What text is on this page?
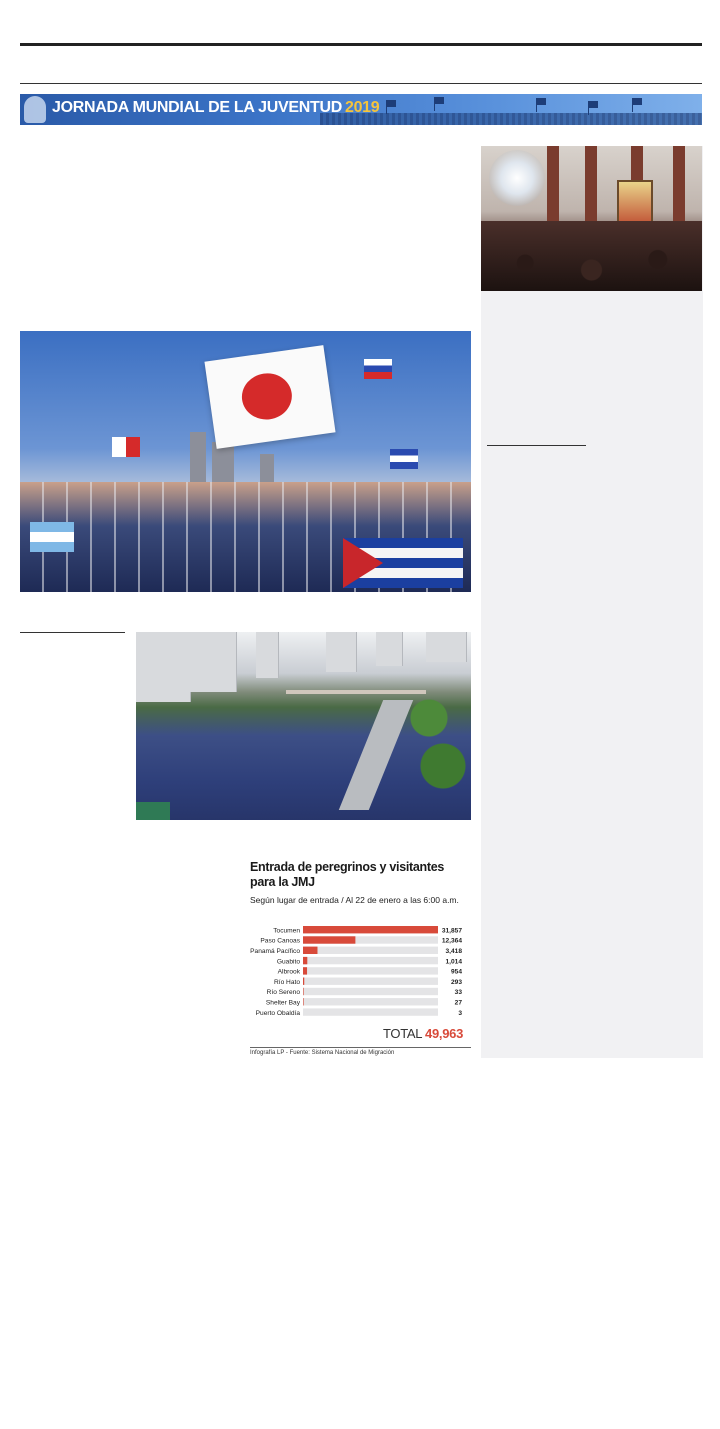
JORNADA MUNDIAL DE LA JUVENTUD 2019
Entrada de peregrinos y visitantes para la JMJ
Según lugar de entrada / Al 22 de enero a las 6:00 a.m.
Tocumen	31,857
Paso Canoas	12,364
Panamá Pacífico	3,418
Guabito	1,014
Albrook	954
Río Hato	293
Río Sereno	33
Shelter Bay	27
Puerto Obaldía	3
TOTAL 49,963
Infografía LP - Fuente: Sistema Nacional de Migración
